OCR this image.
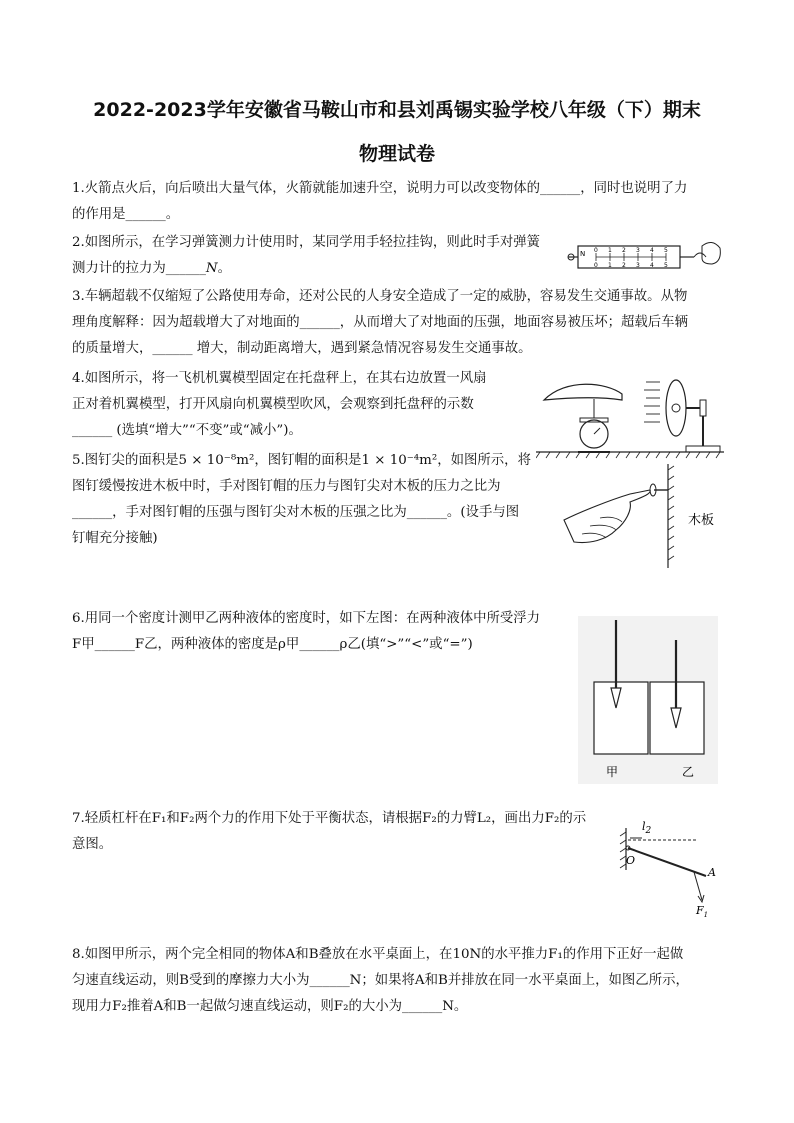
2022-2023学年安徽省马鞍山市和县刘禹锡实验学校八年级（下）期末
物理试卷
1.火箭点火后，向后喷出大量气体，火箭就能加速升空，说明力可以改变物体的______，同时也说明了力
的作用是______。
2.如图所示，在学习弹簧测力计使用时，某同学用手轻拉挂钩，则此时手对弹簧
测力计的拉力为______N。
N 0 1 2 3 4 5
0 1 2 3 4 5
3.车辆超载不仅缩短了公路使用寿命，还对公民的人身安全造成了一定的威胁，容易发生交通事故。从物
理角度解释：因为超载增大了对地面的______，从而增大了对地面的压强，地面容易被压坏；超载后车辆
的质量增大，______ 增大，制动距离增大，遇到紧急情况容易发生交通事故。
4.如图所示，将一飞机机翼模型固定在托盘秤上，在其右边放置一风扇
正对着机翼模型，打开风扇向机翼模型吹风，会观察到托盘秤的示数
______ (选填“增大”“不变”或“减小”)。
5.图钉尖的面积是5 × 10⁻⁸m²，图钉帽的面积是1 × 10⁻⁴m²，如图所示，将
图钉缓慢按进木板中时，手对图钉帽的压力与图钉尖对木板的压力之比为
______，手对图钉帽的压强与图钉尖对木板的压强之比为______。(设手与图
钉帽充分接触)
木板
6.用同一个密度计测甲乙两种液体的密度时，如下左图：在两种液体中所受浮力
F甲______F乙，两种液体的密度是ρ甲______ρ乙(填“>”“<”或“=”)
甲	乙
7.轻质杠杆在F₁和F₂两个力的作用下处于平衡状态，请根据F₂的力臂L₂，画出力F₂的示
意图。
$l_2$
O
A
$F_1$
8.如图甲所示，两个完全相同的物体A和B叠放在水平桌面上，在10N的水平推力F₁的作用下正好一起做
匀速直线运动，则B受到的摩擦力大小为______N；如果将A和B并排放在同一水平桌面上，如图乙所示，
现用力F₂推着A和B一起做匀速直线运动，则F₂的大小为______N。
